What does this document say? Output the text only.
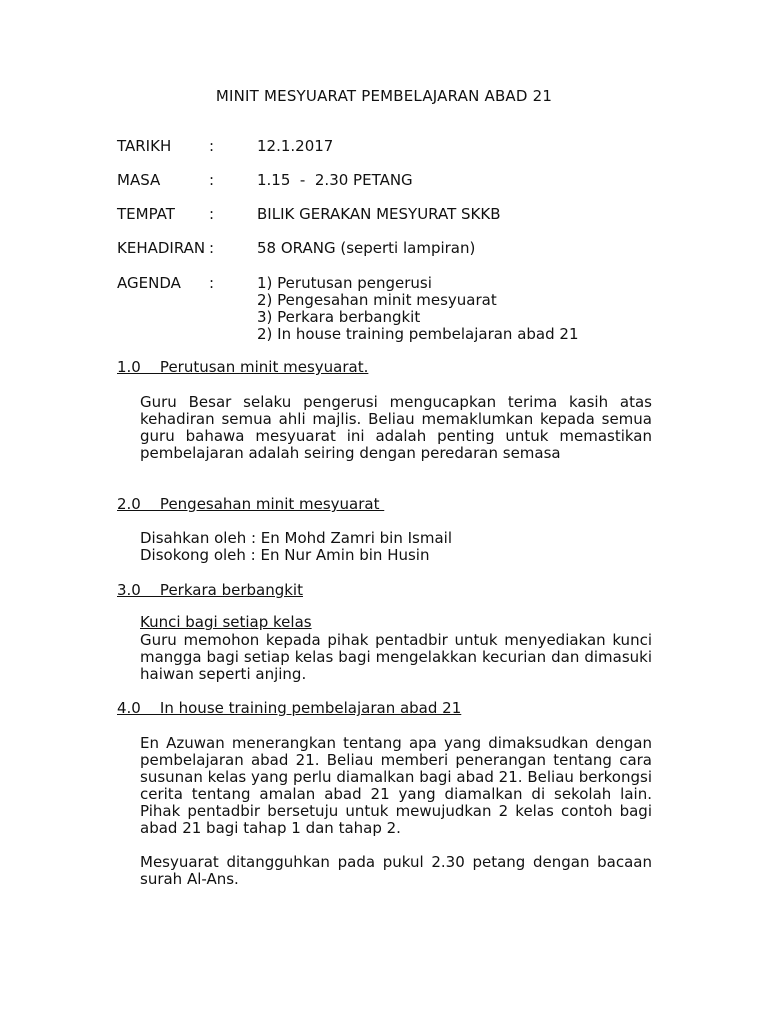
MINIT MESYUARAT PEMBELAJARAN ABAD 21
TARIKH	:	12.1.2017
MASA	:	1.15  -  2.30 PETANG
TEMPAT :	BILIK GERAKAN MESYURAT SKKB
KEHADIRAN :	58 ORANG (seperti lampiran)
AGENDA :	1) Perutusan pengerusi
2) Pengesahan minit mesyuarat
3) Perkara berbangkit
2) In house training pembelajaran abad 21
1.0    Perutusan minit mesyuarat.
Guru Besar selaku pengerusi mengucapkan terima kasih atas kehadiran semua ahli majlis. Beliau memaklumkan kepada semua guru bahawa mesyuarat ini adalah penting untuk memastikan pembelajaran adalah seiring dengan peredaran semasa
2.0    Pengesahan minit mesyuarat
Disahkan oleh : En Mohd Zamri bin Ismail
Disokong oleh : En Nur Amin bin Husin
3.0    Perkara berbangkit
Kunci bagi setiap kelas
Guru memohon kepada pihak pentadbir untuk menyediakan kunci mangga bagi setiap kelas bagi mengelakkan kecurian dan dimasuki haiwan seperti anjing.
4.0    In house training pembelajaran abad 21
En Azuwan menerangkan tentang apa yang dimaksudkan dengan pembelajaran abad 21. Beliau memberi penerangan tentang cara susunan kelas yang perlu diamalkan bagi abad 21. Beliau berkongsi cerita tentang amalan abad 21 yang diamalkan di sekolah lain. Pihak pentadbir bersetuju untuk mewujudkan 2 kelas contoh bagi abad 21 bagi tahap 1 dan tahap 2.
Mesyuarat ditangguhkan pada pukul 2.30 petang dengan bacaan surah Al-Ans.
